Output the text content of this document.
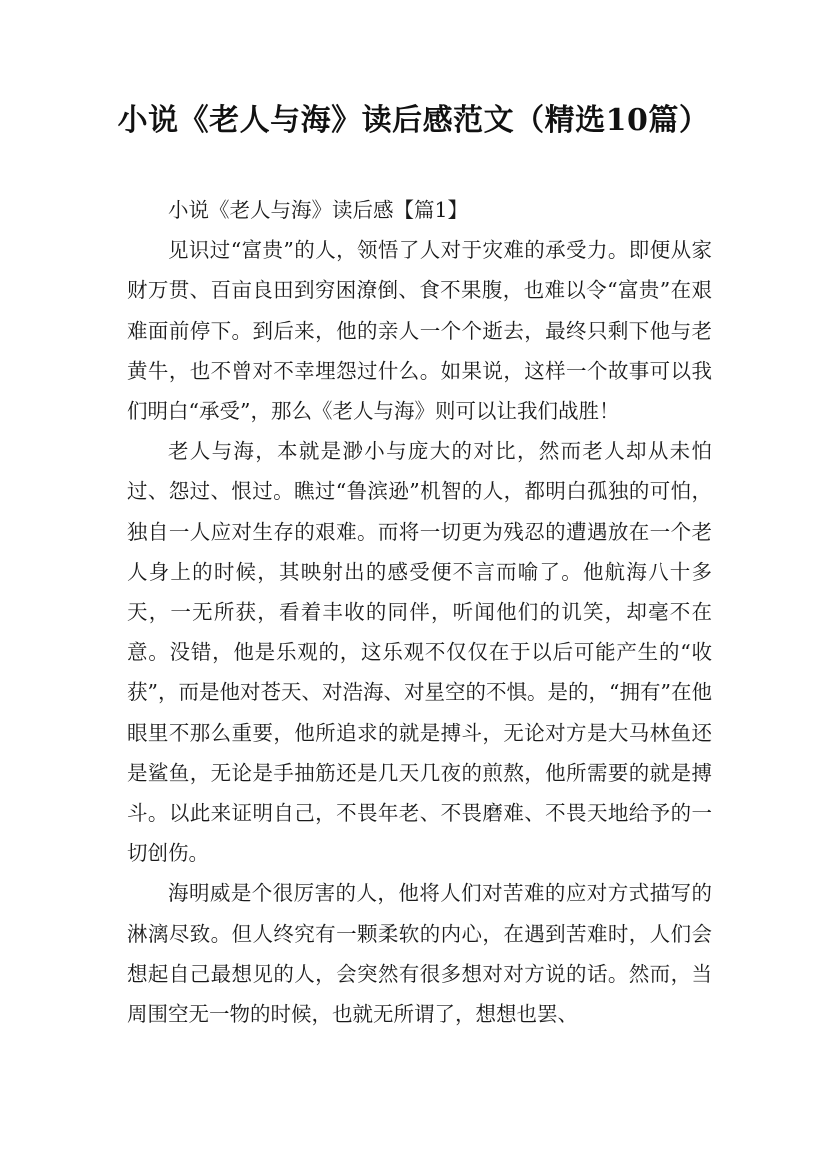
小说《老人与海》读后感范文（精选10篇）

小说《老人与海》读后感【篇1】

见识过“富贵”的人，领悟了人对于灾难的承受力。即便从家财万贯、百亩良田到穷困潦倒、食不果腹，也难以令“富贵”在艰难面前停下。到后来，他的亲人一个个逝去，最终只剩下他与老黄牛，也不曾对不幸埋怨过什么。如果说，这样一个故事可以我们明白“承受”，那么《老人与海》则可以让我们战胜！

老人与海，本就是渺小与庞大的对比，然而老人却从未怕过、怨过、恨过。瞧过“鲁滨逊”机智的人，都明白孤独的可怕，独自一人应对生存的艰难。而将一切更为残忍的遭遇放在一个老人身上的时候，其映射出的感受便不言而喻了。他航海八十多天，一无所获，看着丰收的同伴，听闻他们的讥笑，却毫不在意。没错，他是乐观的，这乐观不仅仅在于以后可能产生的“收获”，而是他对苍天、对浩海、对星空的不惧。是的，“拥有”在他眼里不那么重要，他所追求的就是搏斗，无论对方是大马林鱼还是鲨鱼，无论是手抽筋还是几天几夜的煎熬，他所需要的就是搏斗。以此来证明自己，不畏年老、不畏磨难、不畏天地给予的一切创伤。

海明威是个很厉害的人，他将人们对苦难的应对方式描写的淋漓尽致。但人终究有一颗柔软的内心，在遇到苦难时，人们会想起自己最想见的人，会突然有很多想对对方说的话。然而，当周围空无一物的时候，也就无所谓了，想想也罢、
